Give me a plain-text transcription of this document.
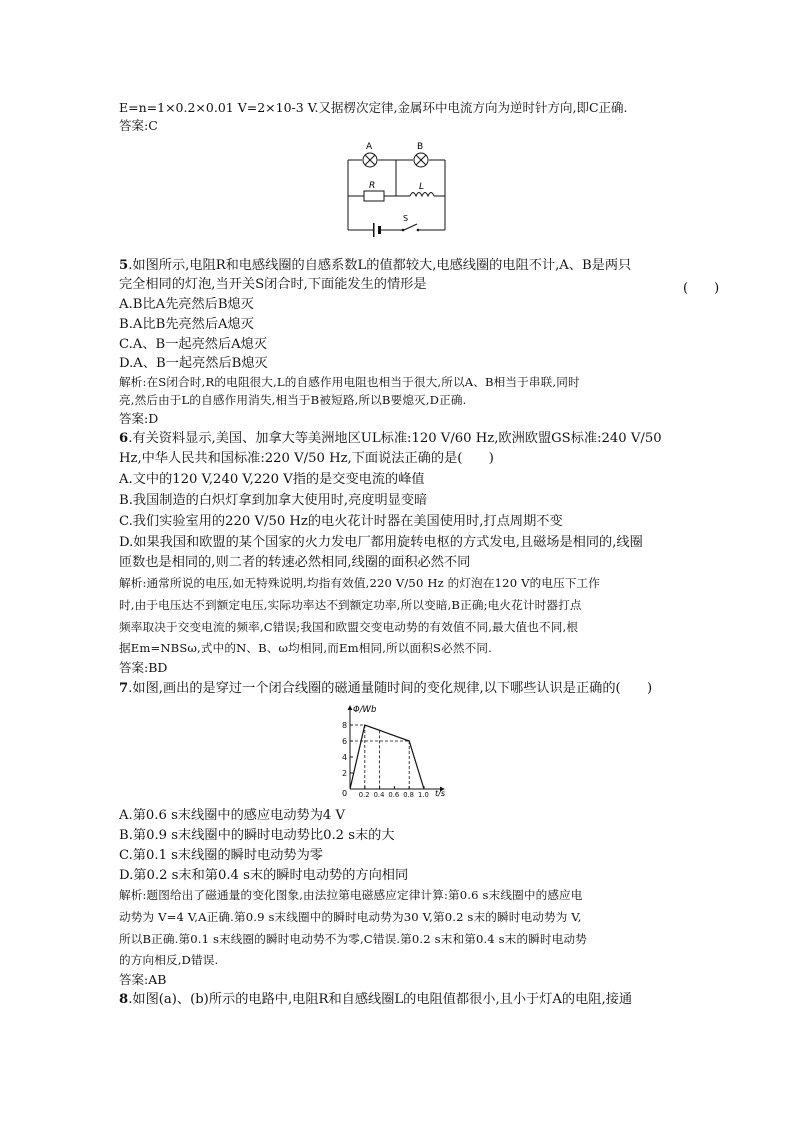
E=n=1×0.2×0.01 V=2×10-3 V.又据楞次定律,金属环中电流方向为逆时针方向,即C正确.
答案:C
A	B
R	L
S
5.如图所示,电阻R和电感线圈的自感系数L的值都较大,电感线圈的电阻不计,A、B是两只
完全相同的灯泡,当开关S闭合时,下面能发生的情形是	(　　)
A.B比A先亮然后B熄灭
B.A比B先亮然后A熄灭
C.A、B一起亮然后A熄灭
D.A、B一起亮然后B熄灭
解析:在S闭合时,R的电阻很大,L的自感作用电阻也相当于很大,所以A、B相当于串联,同时
亮,然后由于L的自感作用消失,相当于B被短路,所以B要熄灭,D正确.
答案:D
6.有关资料显示,美国、加拿大等美洲地区UL标准:120 V/60 Hz,欧洲欧盟GS标准:240 V/50
Hz,中华人民共和国标准:220 V/50 Hz,下面说法正确的是(　　)
A.文中的120 V,240 V,220 V指的是交变电流的峰值
B.我国制造的白炽灯拿到加拿大使用时,亮度明显变暗
C.我们实验室用的220 V/50 Hz的电火花计时器在美国使用时,打点周期不变
D.如果我国和欧盟的某个国家的火力发电厂都用旋转电枢的方式发电,且磁场是相同的,线圈
匝数也是相同的,则二者的转速必然相同,线圈的面积必然不同
解析:通常所说的电压,如无特殊说明,均指有效值,220 V/50 Hz 的灯泡在120 V的电压下工作
时,由于电压达不到额定电压,实际功率达不到额定功率,所以变暗,B正确;电火花计时器打点
频率取决于交变电流的频率,C错误;我国和欧盟交变电动势的有效值不同,最大值也不同,根
据Em=NBSω,式中的N、B、ω均相同,而Em相同,所以面积S必然不同.
答案:BD
7.如图,画出的是穿过一个闭合线圈的磁通量随时间的变化规律,以下哪些认识是正确的(　　)
2
4
6
8
0.2 0.4 0.6 0.8 1.0
Φ/Wb
t/s
0
A.第0.6 s末线圈中的感应电动势为4 V
B.第0.9 s末线圈中的瞬时电动势比0.2 s末的大
C.第0.1 s末线圈的瞬时电动势为零
D.第0.2 s末和第0.4 s末的瞬时电动势的方向相同
解析:题图给出了磁通量的变化图象,由法拉第电磁感应定律计算:第0.6 s末线圈中的感应电
动势为 V=4 V,A正确.第0.9 s末线圈中的瞬时电动势为30 V,第0.2 s末的瞬时电动势为 V,
所以B正确.第0.1 s末线圈的瞬时电动势不为零,C错误.第0.2 s末和第0.4 s末的瞬时电动势
的方向相反,D错误.
答案:AB
8.如图(a)、(b)所示的电路中,电阻R和自感线圈L的电阻值都很小,且小于灯A的电阻,接通
